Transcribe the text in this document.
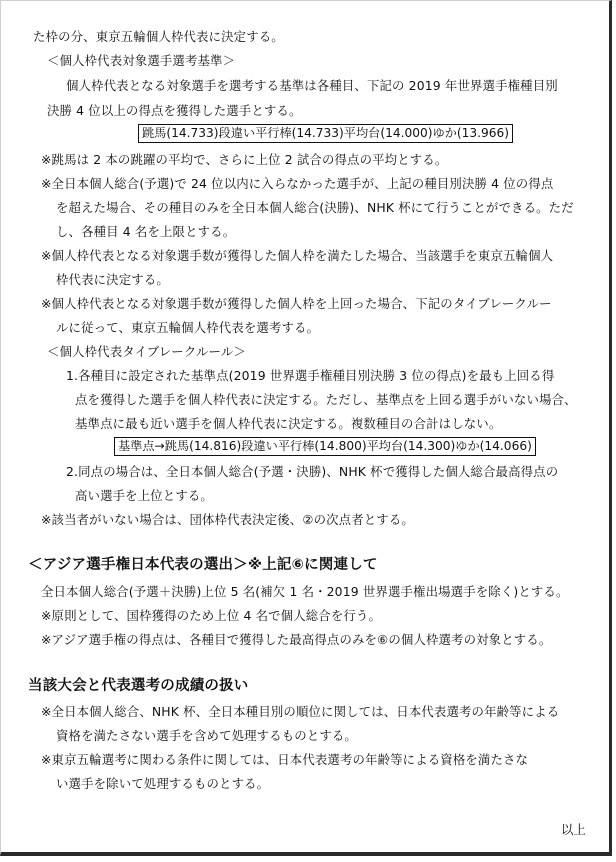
た枠の分、東京五輪個人枠代表に決定する。
＜個人枠代表対象選手選考基準＞
個人枠代表となる対象選手を選考する基準は各種目、下記の 2019 年世界選手権種目別
決勝 4 位以上の得点を獲得した選手とする。
跳馬(14.733)段違い平行棒(14.733)平均台(14.000)ゆか(13.966)
※跳馬は 2 本の跳躍の平均で、さらに上位 2 試合の得点の平均とする。
※全日本個人総合(予選)で 24 位以内に入らなかった選手が、上記の種目別決勝 4 位の得点
を超えた場合、その種目のみを全日本個人総合(決勝)、NHK 杯にて行うことができる。ただ
し、各種目 4 名を上限とする。
※個人枠代表となる対象選手数が獲得した個人枠を満たした場合、当該選手を東京五輪個人
枠代表に決定する。
※個人枠代表となる対象選手数が獲得した個人枠を上回った場合、下記のタイブレークルー
ルに従って、東京五輪個人枠代表を選考する。
＜個人枠代表タイブレークルール＞
1.各種目に設定された基準点(2019 世界選手権種目別決勝 3 位の得点)を最も上回る得
点を獲得した選手を個人枠代表に決定する。ただし、基準点を上回る選手がいない場合、
基準点に最も近い選手を個人枠代表に決定する。複数種目の合計はしない。
基準点→跳馬(14.816)段違い平行棒(14.800)平均台(14.300)ゆか(14.066)
2.同点の場合は、全日本個人総合(予選・決勝)、NHK 杯で獲得した個人総合最高得点の
高い選手を上位とする。
※該当者がいない場合は、団体枠代表決定後、②の次点者とする。
＜アジア選手権日本代表の選出＞※上記⑥に関連して
全日本個人総合(予選＋決勝)上位 5 名(補欠 1 名・2019 世界選手権出場選手を除く)とする。
※原則として、国枠獲得のため上位 4 名で個人総合を行う。
※アジア選手権の得点は、各種目で獲得した最高得点のみを⑥の個人枠選考の対象とする。
当該大会と代表選考の成績の扱い
※全日本個人総合、NHK 杯、全日本種目別の順位に関しては、日本代表選考の年齢等による
資格を満たさない選手を含めて処理するものとする。
※東京五輪選考に関わる条件に関しては、日本代表選考の年齢等による資格を満たさな
い選手を除いて処理するものとする。
以上
